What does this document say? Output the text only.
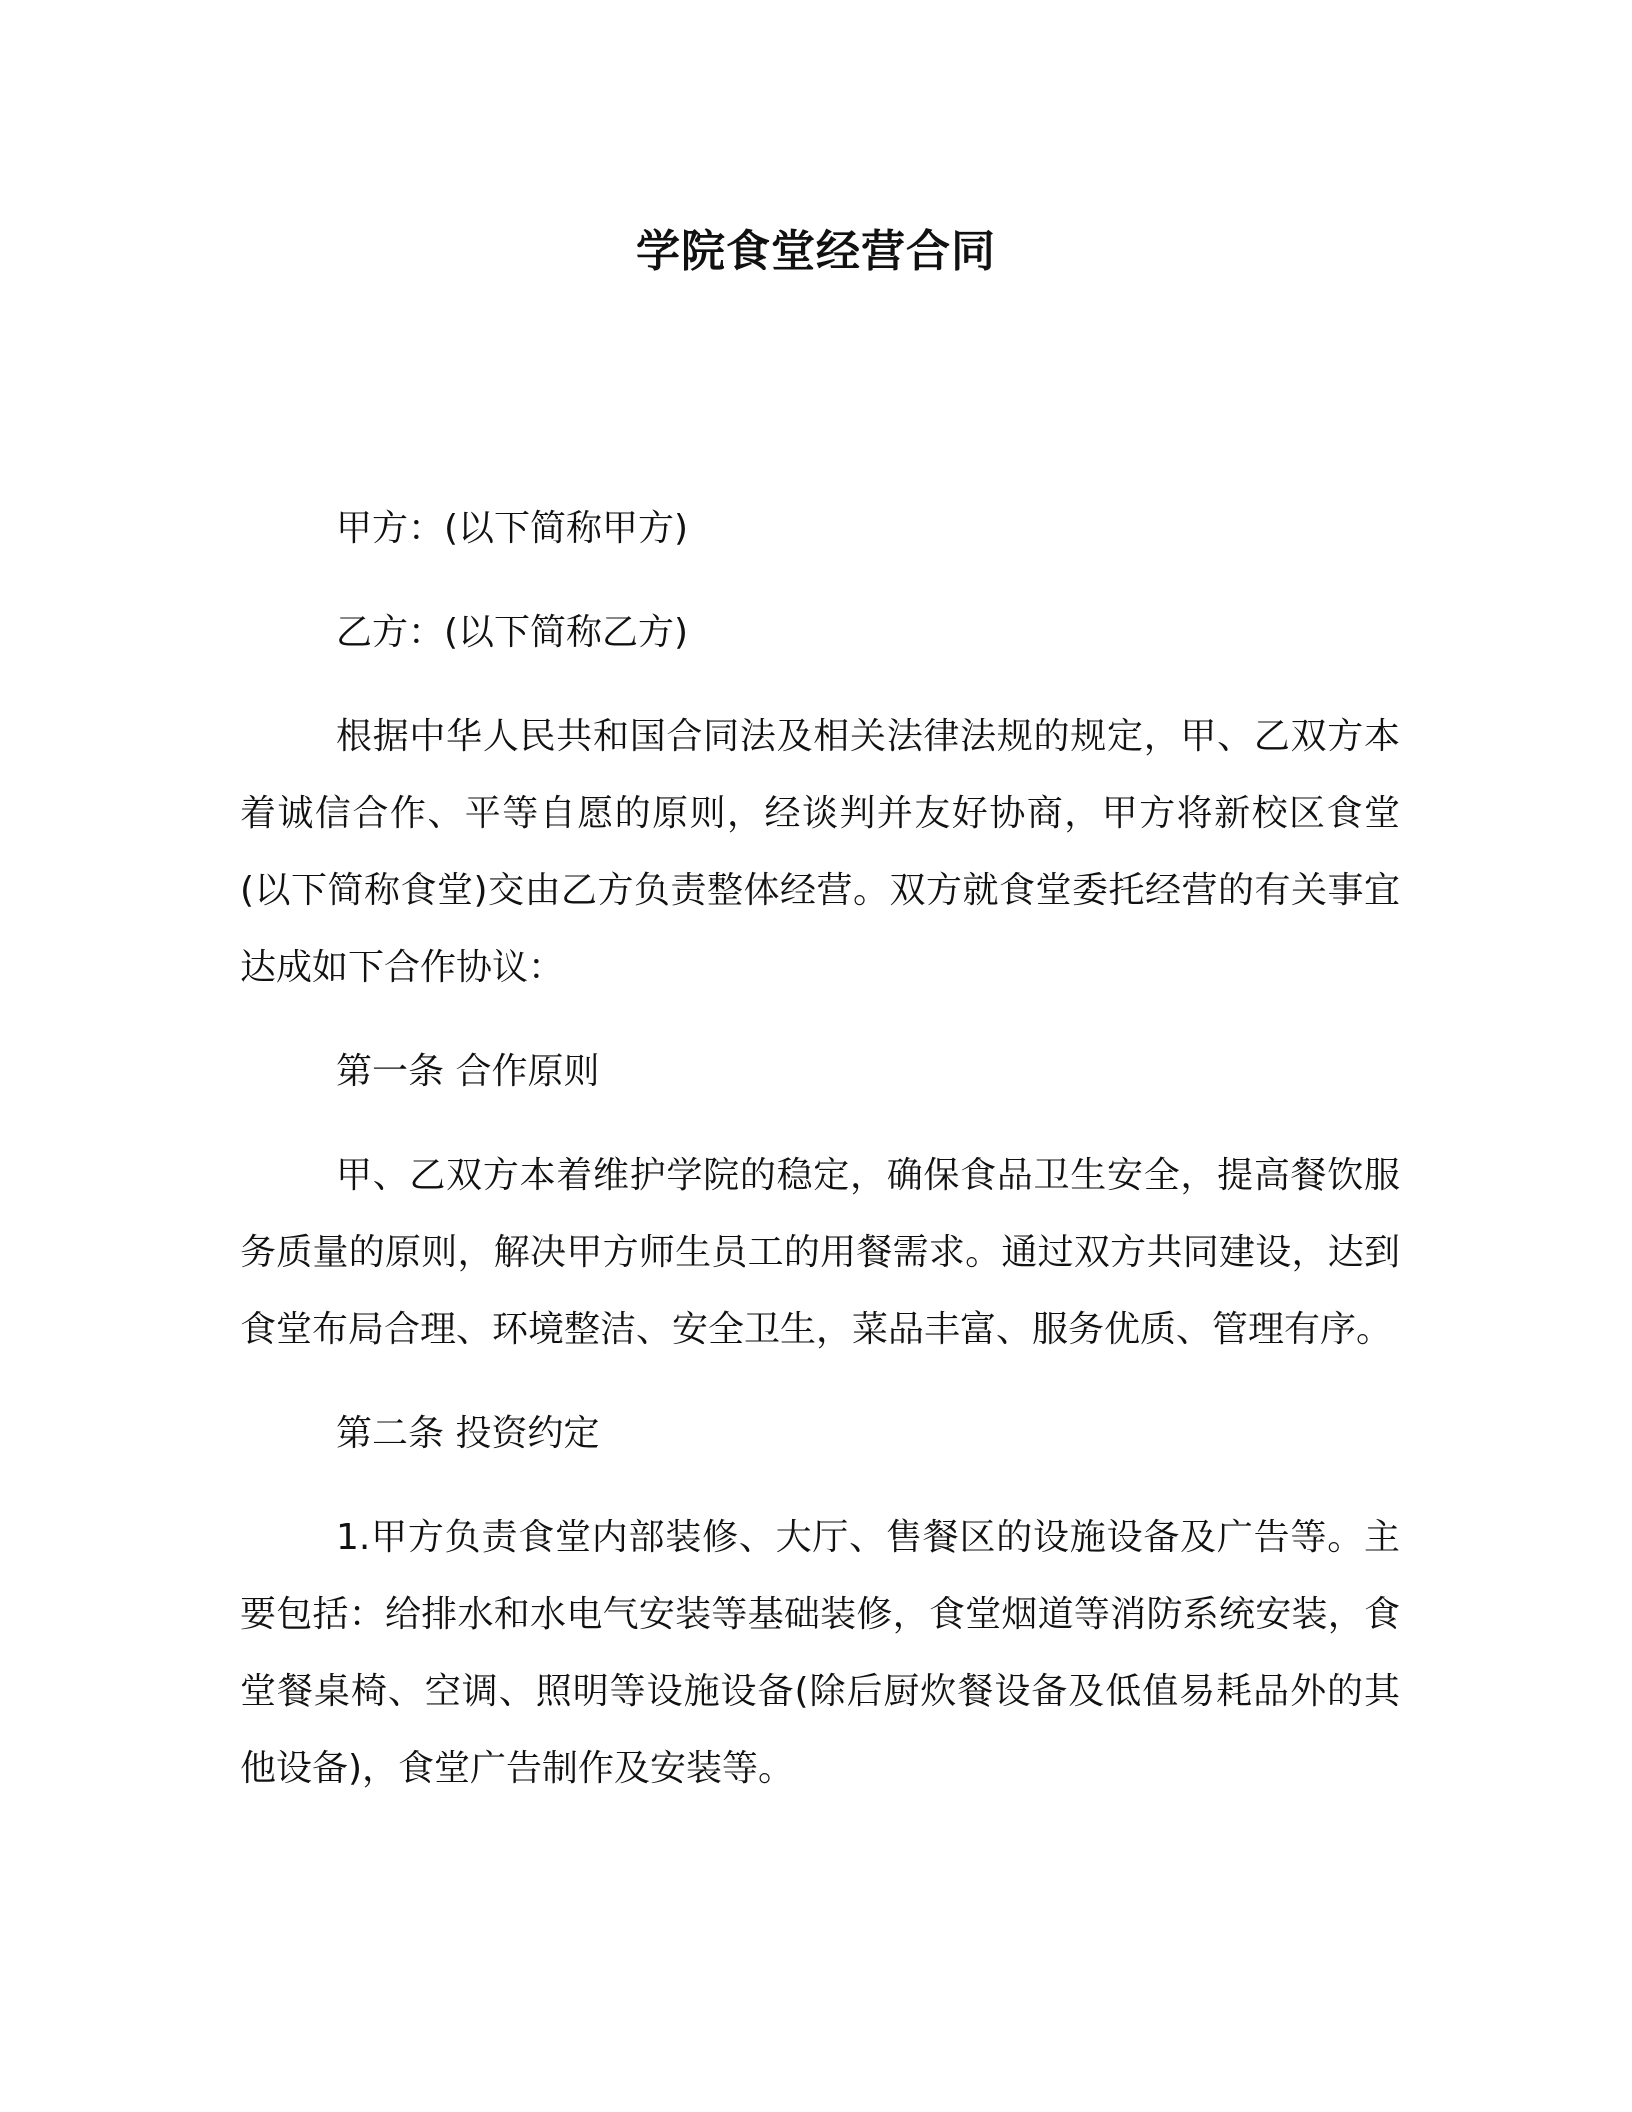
学院食堂经营合同

甲方：(以下简称甲方)

乙方：(以下简称乙方)

根据中华人民共和国合同法及相关法律法规的规定，甲、乙双方本着诚信合作、平等自愿的原则，经谈判并友好协商，甲方将新校区食堂(以下简称食堂)交由乙方负责整体经营。双方就食堂委托经营的有关事宜达成如下合作协议：

第一条 合作原则

甲、乙双方本着维护学院的稳定，确保食品卫生安全，提高餐饮服务质量的原则，解决甲方师生员工的用餐需求。通过双方共同建设，达到食堂布局合理、环境整洁、安全卫生，菜品丰富、服务优质、管理有序。

第二条 投资约定

1.甲方负责食堂内部装修、大厅、售餐区的设施设备及广告等。主要包括：给排水和水电气安装等基础装修，食堂烟道等消防系统安装，食堂餐桌椅、空调、照明等设施设备(除后厨炊餐设备及低值易耗品外的其他设备)，食堂广告制作及安装等。
